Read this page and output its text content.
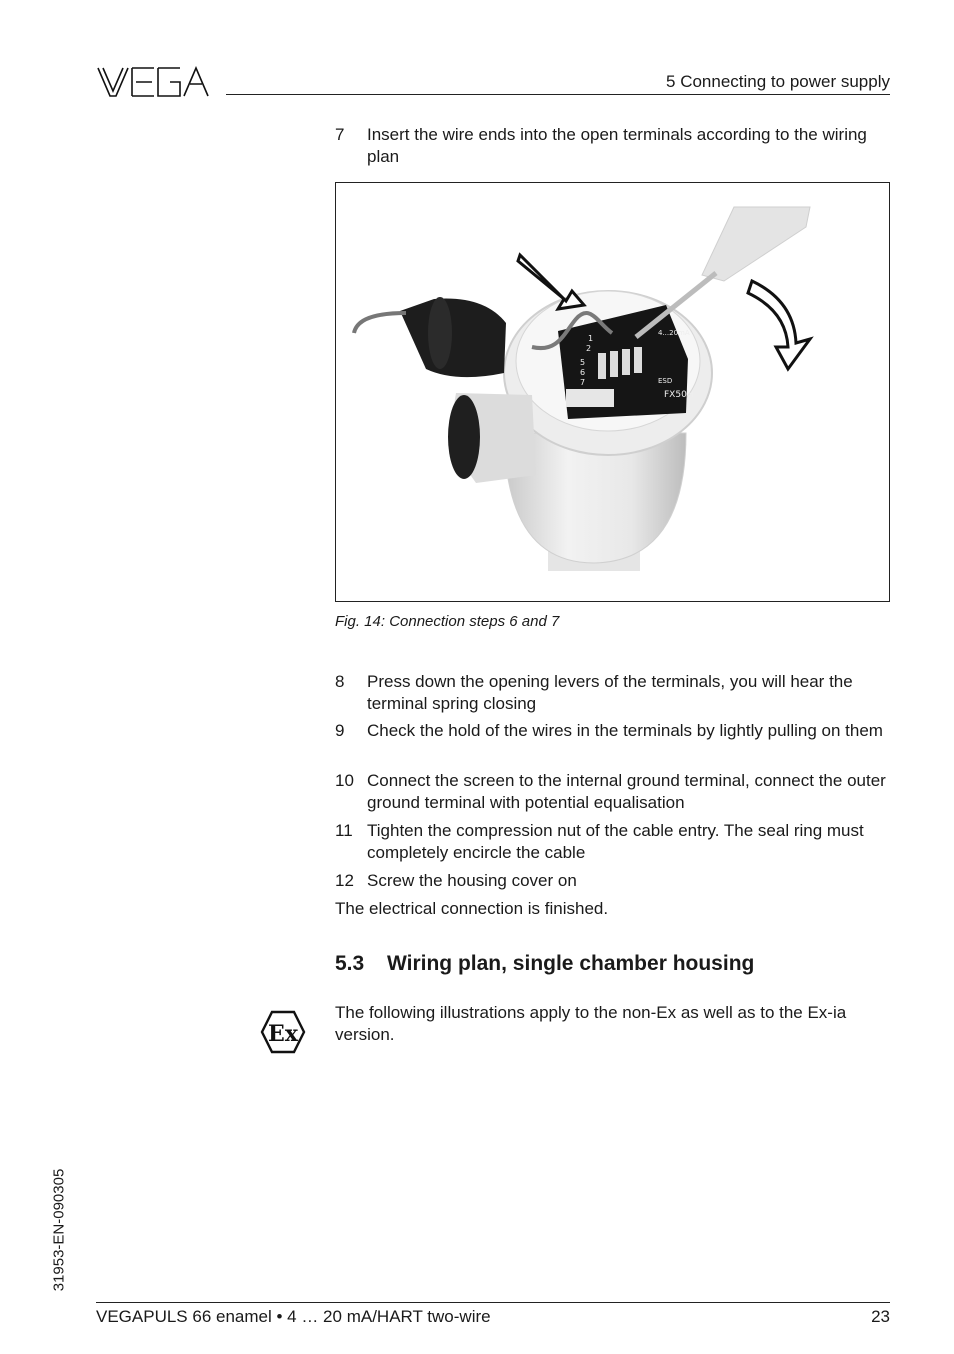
5 Connecting to power supply
7 Insert the wire ends into the open terminals according to the wiring plan
1
2
5
6
7
4...20mA
ESD
FX50H
Fig. 14: Connection steps 6 and 7
8 Press down the opening levers of the terminals, you will hear the terminal spring closing
9 Check the hold of the wires in the terminals by lightly pulling on them
10 Connect the screen to the internal ground terminal, connect the outer ground terminal with potential equalisation
11 Tighten the compression nut of the cable entry. The seal ring must completely encircle the cable
12 Screw the housing cover on
The electrical connection is finished.
5.3 Wiring plan, single chamber housing
Ex
The following illustrations apply to the non-Ex as well as to the Ex-ia version.
31953-EN-090305
VEGAPULS 66 enamel • 4 … 20 mA/HART two-wire	23
